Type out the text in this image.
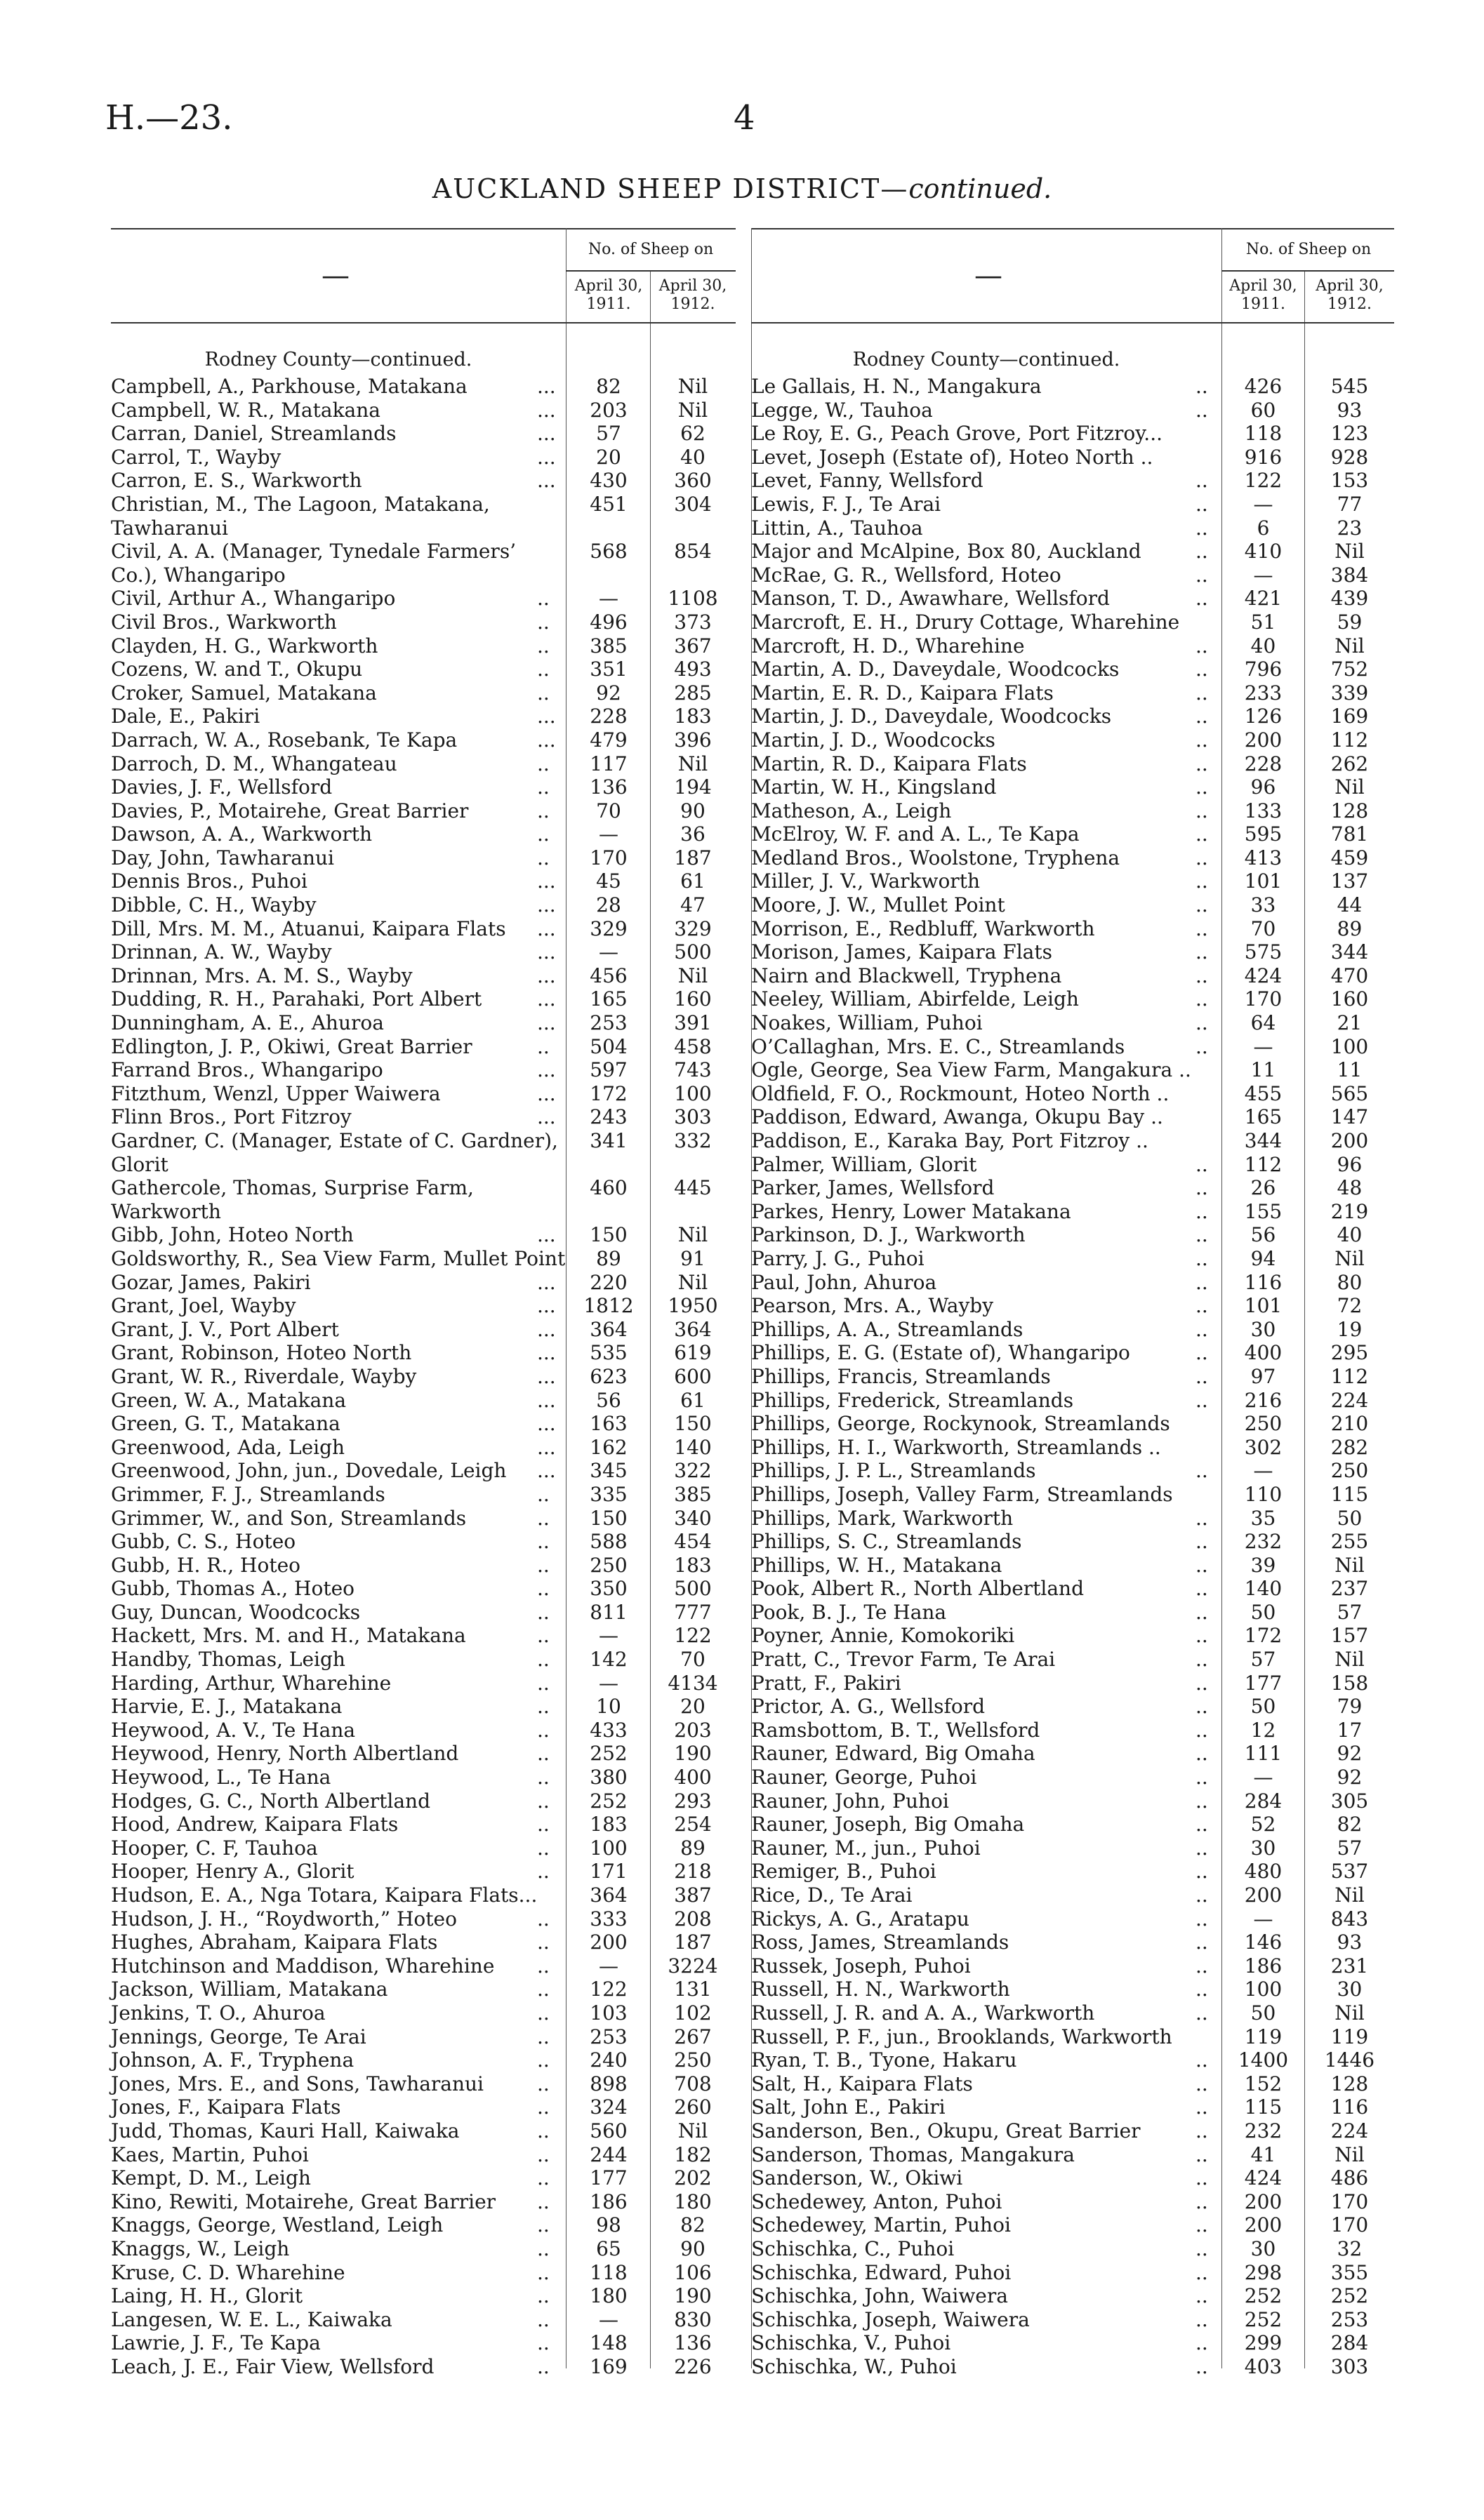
H.—23.	4
AUCKLAND SHEEP DISTRICT—continued.
—
No. of Sheep on
April 30, 1911.
April 30, 1912.
Rodney County—continued.
Campbell, A., Parkhouse, Matakana	...	82	Nil
Campbell, W. R., Matakana	...	203	Nil
Carran, Daniel, Streamlands	...	57	62
Carrol, T., Wayby	...	20	40
Carron, E. S., Warkworth	...	430	360
Christian, M., The Lagoon, Matakana, Tawharanui
451	304
Civil, A. A. (Manager, Tynedale Farmers’ Co.), Whangaripo
568	854
Civil, Arthur A., Whangaripo	..	—	1108
Civil Bros., Warkworth	..	496	373
Clayden, H. G., Warkworth	..	385	367
Cozens, W. and T., Okupu	..	351	493
Croker, Samuel, Matakana	..	92	285
Dale, E., Pakiri	...	228	183
Darrach, W. A., Rosebank, Te Kapa	...	479	396
Darroch, D. M., Whangateau	..	117	Nil
Davies, J. F., Wellsford	..	136	194
Davies, P., Motairehe, Great Barrier	..	70	90
Dawson, A. A., Warkworth	..	—	36
Day, John, Tawharanui	..	170	187
Dennis Bros., Puhoi	...	45	61
Dibble, C. H., Wayby	...	28	47
Dill, Mrs. M. M., Atuanui, Kaipara Flats	...	329	329
Drinnan, A. W., Wayby	...	—	500
Drinnan, Mrs. A. M. S., Wayby	...	456	Nil
Dudding, R. H., Parahaki, Port Albert	...	165	160
Dunningham, A. E., Ahuroa	...	253	391
Edlington, J. P., Okiwi, Great Barrier	..	504	458
Farrand Bros., Whangaripo	...	597	743
Fitzthum, Wenzl, Upper Waiwera	...	172	100
Flinn Bros., Port Fitzroy	...	243	303
Gardner, C. (Manager, Estate of C. Gardner), Glorit
341	332
Gathercole, Thomas, Surprise Farm, Warkworth
460	445
Gibb, John, Hoteo North	...	150	Nil
Goldsworthy, R., Sea View Farm, Mullet Point	89	91
Gozar, James, Pakiri	...	220	Nil
Grant, Joel, Wayby	...	1812	1950
Grant, J. V., Port Albert	...	364	364
Grant, Robinson, Hoteo North	...	535	619
Grant, W. R., Riverdale, Wayby	...	623	600
Green, W. A., Matakana	...	56	61
Green, G. T., Matakana	...	163	150
Greenwood, Ada, Leigh	...	162	140
Greenwood, John, jun., Dovedale, Leigh	...	345	322
Grimmer, F. J., Streamlands	..	335	385
Grimmer, W., and Son, Streamlands	..	150	340
Gubb, C. S., Hoteo	..	588	454
Gubb, H. R., Hoteo	..	250	183
Gubb, Thomas A., Hoteo	..	350	500
Guy, Duncan, Woodcocks	..	811	777
Hackett, Mrs. M. and H., Matakana	..	—	122
Handby, Thomas, Leigh	..	142	70
Harding, Arthur, Wharehine	..	—	4134
Harvie, E. J., Matakana	..	10	20
Heywood, A. V., Te Hana	..	433	203
Heywood, Henry, North Albertland	..	252	190
Heywood, L., Te Hana	..	380	400
Hodges, G. C., North Albertland	..	252	293
Hood, Andrew, Kaipara Flats	..	183	254
Hooper, C. F, Tauhoa	..	100	89
Hooper, Henry A., Glorit	..	171	218
Hudson, E. A., Nga Totara, Kaipara Flats...	364	387
Hudson, J. H., “Roydworth,” Hoteo	..	333	208
Hughes, Abraham, Kaipara Flats	..	200	187
Hutchinson and Maddison, Wharehine	..	—	3224
Jackson, William, Matakana	..	122	131
Jenkins, T. O., Ahuroa	..	103	102
Jennings, George, Te Arai	..	253	267
Johnson, A. F., Tryphena	..	240	250
Jones, Mrs. E., and Sons, Tawharanui	..	898	708
Jones, F., Kaipara Flats	..	324	260
Judd, Thomas, Kauri Hall, Kaiwaka	..	560	Nil
Kaes, Martin, Puhoi	..	244	182
Kempt, D. M., Leigh	..	177	202
Kino, Rewiti, Motairehe, Great Barrier	..	186	180
Knaggs, George, Westland, Leigh	..	98	82
Knaggs, W., Leigh	..	65	90
Kruse, C. D. Wharehine	..	118	106
Laing, H. H., Glorit	..	180	190
Langesen, W. E. L., Kaiwaka	..	—	830
Lawrie, J. F., Te Kapa	..	148	136
Leach, J. E., Fair View, Wellsford	..	169	226
—
No. of Sheep on
April 30, 1911.
April 30, 1912.
Rodney County—continued.
Le Gallais, H. N., Mangakura	..	426	545
Legge, W., Tauhoa	..	60	93
Le Roy, E. G., Peach Grove, Port Fitzroy...	118	123
Levet, Joseph (Estate of), Hoteo North ..	916	928
Levet, Fanny, Wellsford	..	122	153
Lewis, F. J., Te Arai	..	—	77
Littin, A., Tauhoa	..	6	23
Major and McAlpine, Box 80, Auckland	..	410	Nil
McRae, G. R., Wellsford, Hoteo	..	—	384
Manson, T. D., Awawhare, Wellsford	..	421	439
Marcroft, E. H., Drury Cottage, Wharehine	51	59
Marcroft, H. D., Wharehine	..	40	Nil
Martin, A. D., Daveydale, Woodcocks	..	796	752
Martin, E. R. D., Kaipara Flats	..	233	339
Martin, J. D., Daveydale, Woodcocks	..	126	169
Martin, J. D., Woodcocks	..	200	112
Martin, R. D., Kaipara Flats	..	228	262
Martin, W. H., Kingsland	..	96	Nil
Matheson, A., Leigh	..	133	128
McElroy, W. F. and A. L., Te Kapa	..	595	781
Medland Bros., Woolstone, Tryphena	..	413	459
Miller, J. V., Warkworth	..	101	137
Moore, J. W., Mullet Point	..	33	44
Morrison, E., Redbluff, Warkworth	..	70	89
Morison, James, Kaipara Flats	..	575	344
Nairn and Blackwell, Tryphena	..	424	470
Neeley, William, Abirfelde, Leigh	..	170	160
Noakes, William, Puhoi	..	64	21
O’Callaghan, Mrs. E. C., Streamlands	..	—	100
Ogle, George, Sea View Farm, Mangakura ..	11	11
Oldfield, F. O., Rockmount, Hoteo North ..	455	565
Paddison, Edward, Awanga, Okupu Bay ..	165	147
Paddison, E., Karaka Bay, Port Fitzroy ..	344	200
Palmer, William, Glorit	..	112	96
Parker, James, Wellsford	..	26	48
Parkes, Henry, Lower Matakana	..	155	219
Parkinson, D. J., Warkworth	..	56	40
Parry, J. G., Puhoi	..	94	Nil
Paul, John, Ahuroa	..	116	80
Pearson, Mrs. A., Wayby	..	101	72
Phillips, A. A., Streamlands	..	30	19
Phillips, E. G. (Estate of), Whangaripo	..	400	295
Phillips, Francis, Streamlands	..	97	112
Phillips, Frederick, Streamlands	..	216	224
Phillips, George, Rockynook, Streamlands	250	210
Phillips, H. I., Warkworth, Streamlands ..	302	282
Phillips, J. P. L., Streamlands	..	—	250
Phillips, Joseph, Valley Farm, Streamlands	110	115
Phillips, Mark, Warkworth	..	35	50
Phillips, S. C., Streamlands	..	232	255
Phillips, W. H., Matakana	..	39	Nil
Pook, Albert R., North Albertland	..	140	237
Pook, B. J., Te Hana	..	50	57
Poyner, Annie, Komokoriki	..	172	157
Pratt, C., Trevor Farm, Te Arai	..	57	Nil
Pratt, F., Pakiri	..	177	158
Prictor, A. G., Wellsford	..	50	79
Ramsbottom, B. T., Wellsford	..	12	17
Rauner, Edward, Big Omaha	..	111	92
Rauner, George, Puhoi	..	—	92
Rauner, John, Puhoi	..	284	305
Rauner, Joseph, Big Omaha	..	52	82
Rauner, M., jun., Puhoi	..	30	57
Remiger, B., Puhoi	..	480	537
Rice, D., Te Arai	..	200	Nil
Rickys, A. G., Aratapu	..	—	843
Ross, James, Streamlands	..	146	93
Russek, Joseph, Puhoi	..	186	231
Russell, H. N., Warkworth	..	100	30
Russell, J. R. and A. A., Warkworth	..	50	Nil
Russell, P. F., jun., Brooklands, Warkworth	119	119
Ryan, T. B., Tyone, Hakaru	..	1400	1446
Salt, H., Kaipara Flats	..	152	128
Salt, John E., Pakiri	..	115	116
Sanderson, Ben., Okupu, Great Barrier	..	232	224
Sanderson, Thomas, Mangakura	..	41	Nil
Sanderson, W., Okiwi	..	424	486
Schedewey, Anton, Puhoi	..	200	170
Schedewey, Martin, Puhoi	..	200	170
Schischka, C., Puhoi	..	30	32
Schischka, Edward, Puhoi	..	298	355
Schischka, John, Waiwera	..	252	252
Schischka, Joseph, Waiwera	..	252	253
Schischka, V., Puhoi	..	299	284
Schischka, W., Puhoi	..	403	303
